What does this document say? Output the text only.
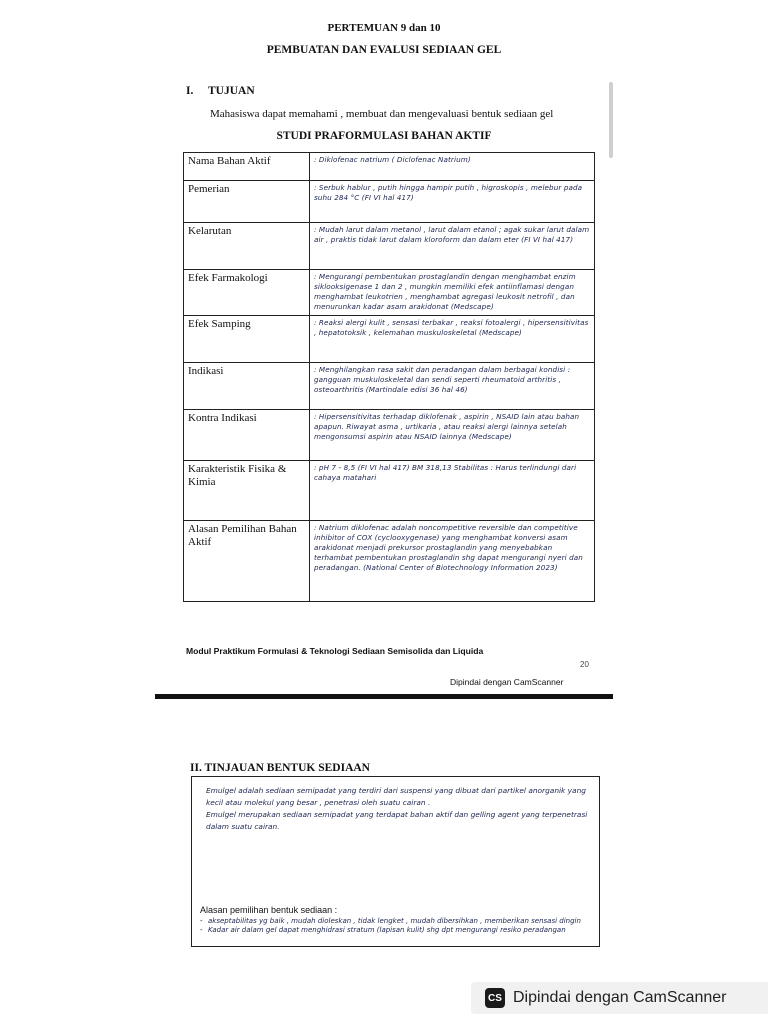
PERTEMUAN 9 dan 10
PEMBUATAN DAN EVALUSI SEDIAAN GEL
I. TUJUAN
Mahasiswa dapat memahami , membuat dan mengevaluasi bentuk sediaan gel
STUDI PRAFORMULASI BAHAN AKTIF
Nama Bahan Aktif	: Diklofenac natrium ( Diclofenac Natrium)
Pemerian	: Serbuk hablur , putih hingga hampir putih , higroskopis , melebur pada suhu 284 °C (FI VI hal 417)
Kelarutan	: Mudah larut dalam metanol , larut dalam etanol ; agak sukar larut dalam air , praktis tidak larut dalam kloroform dan dalam eter (FI VI hal 417)
Efek Farmakologi	: Mengurangi pembentukan prostaglandin dengan menghambat enzim siklooksigenase 1 dan 2 , mungkin memiliki efek antiinflamasi dengan menghambat leukotrien , menghambat agregasi leukosit netrofil , dan menurunkan kadar asam arakidonat (Medscape)
Efek Samping	: Reaksi alergi kulit , sensasi terbakar , reaksi fotoalergi , hipersensitivitas , hepatotoksik , kelemahan muskuloskeletal (Medscape)
Indikasi	: Menghilangkan rasa sakit dan peradangan dalam berbagai kondisi : gangguan muskuloskeletal dan sendi seperti rheumatoid arthritis , osteoarthritis (Martindale edisi 36 hal 46)
Kontra Indikasi	: Hipersensitivitas terhadap diklofenak , aspirin , NSAID lain atau bahan apapun. Riwayat asma , urtikaria , atau reaksi alergi lainnya setelah mengonsumsi aspirin atau NSAID lainnya (Medscape)
Karakteristik Fisika & Kimia	: pH 7 - 8,5 (FI VI hal 417) BM 318,13 Stabilitas : Harus terlindungi dari cahaya matahari
Alasan Pemilihan Bahan Aktif	: Natrium diklofenac adalah noncompetitive reversible dan competitive inhibitor of COX (cyclooxygenase) yang menghambat konversi asam arakidonat menjadi prekursor prostaglandin yang menyebabkan terhambat pembentukan prostaglandin shg dapat mengurangi nyeri dan peradangan. (National Center of Biotechnology Information 2023)
Modul Praktikum Formulasi & Teknologi Sediaan Semisolida dan Liquida
20
Dipindai dengan CamScanner
II. TINJAUAN BENTUK SEDIAAN
Emulgel adalah sediaan semipadat yang terdiri dari suspensi yang dibuat dari partikel anorganik yang kecil atau molekul yang besar , penetrasi oleh suatu cairan .
Emulgel merupakan sediaan semipadat yang terdapat bahan aktif dan gelling agent yang terpenetrasi dalam suatu cairan.
Alasan pemilihan bentuk sediaan :
- akseptabilitas yg baik , mudah dioleskan , tidak lengket , mudah dibersihkan , memberikan sensasi dingin
- Kadar air dalam gel dapat menghidrasi stratum (lapisan kulit) shg dpt mengurangi resiko peradangan
CS Dipindai dengan CamScanner
